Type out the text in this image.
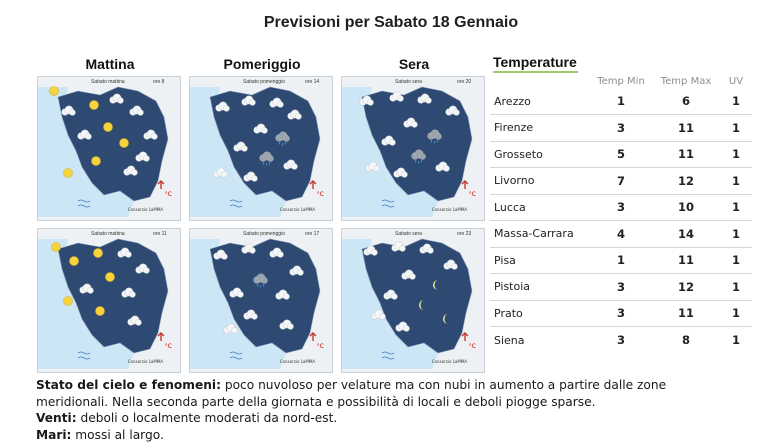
Previsioni per Sabato 18 Gennaio
Mattina	Pomeriggio	Sera
Sabato mattina	ore 8
Consorzio LaMMA
°C
Sabato pomeriggio	ore 14
Consorzio LaMMA
°C
Sabato sera	ore 20
Consorzio LaMMA
°C
Sabato mattina	ore 11
Consorzio LaMMA
°C
Sabato pomeriggio	ore 17
Consorzio LaMMA
°C
Sabato sera	ore 23
Consorzio LaMMA
°C
Temperature
	Temp Min	Temp Max	UV
Arezzo	1	6	1
Firenze	3	11	1
Grosseto	5	11	1
Livorno	7	12	1
Lucca	3	10	1
Massa-Carrara	4	14	1
Pisa	1	11	1
Pistoia	3	12	1
Prato	3	11	1
Siena	3	8	1
Stato del cielo e fenomeni: poco nuvoloso per velature ma con nubi in aumento a partire dalle zone meridionali. Nella seconda parte della giornata e possibilità di locali e deboli piogge sparse.
Venti: deboli o localmente moderati da nord-est.
Mari: mossi al largo.
